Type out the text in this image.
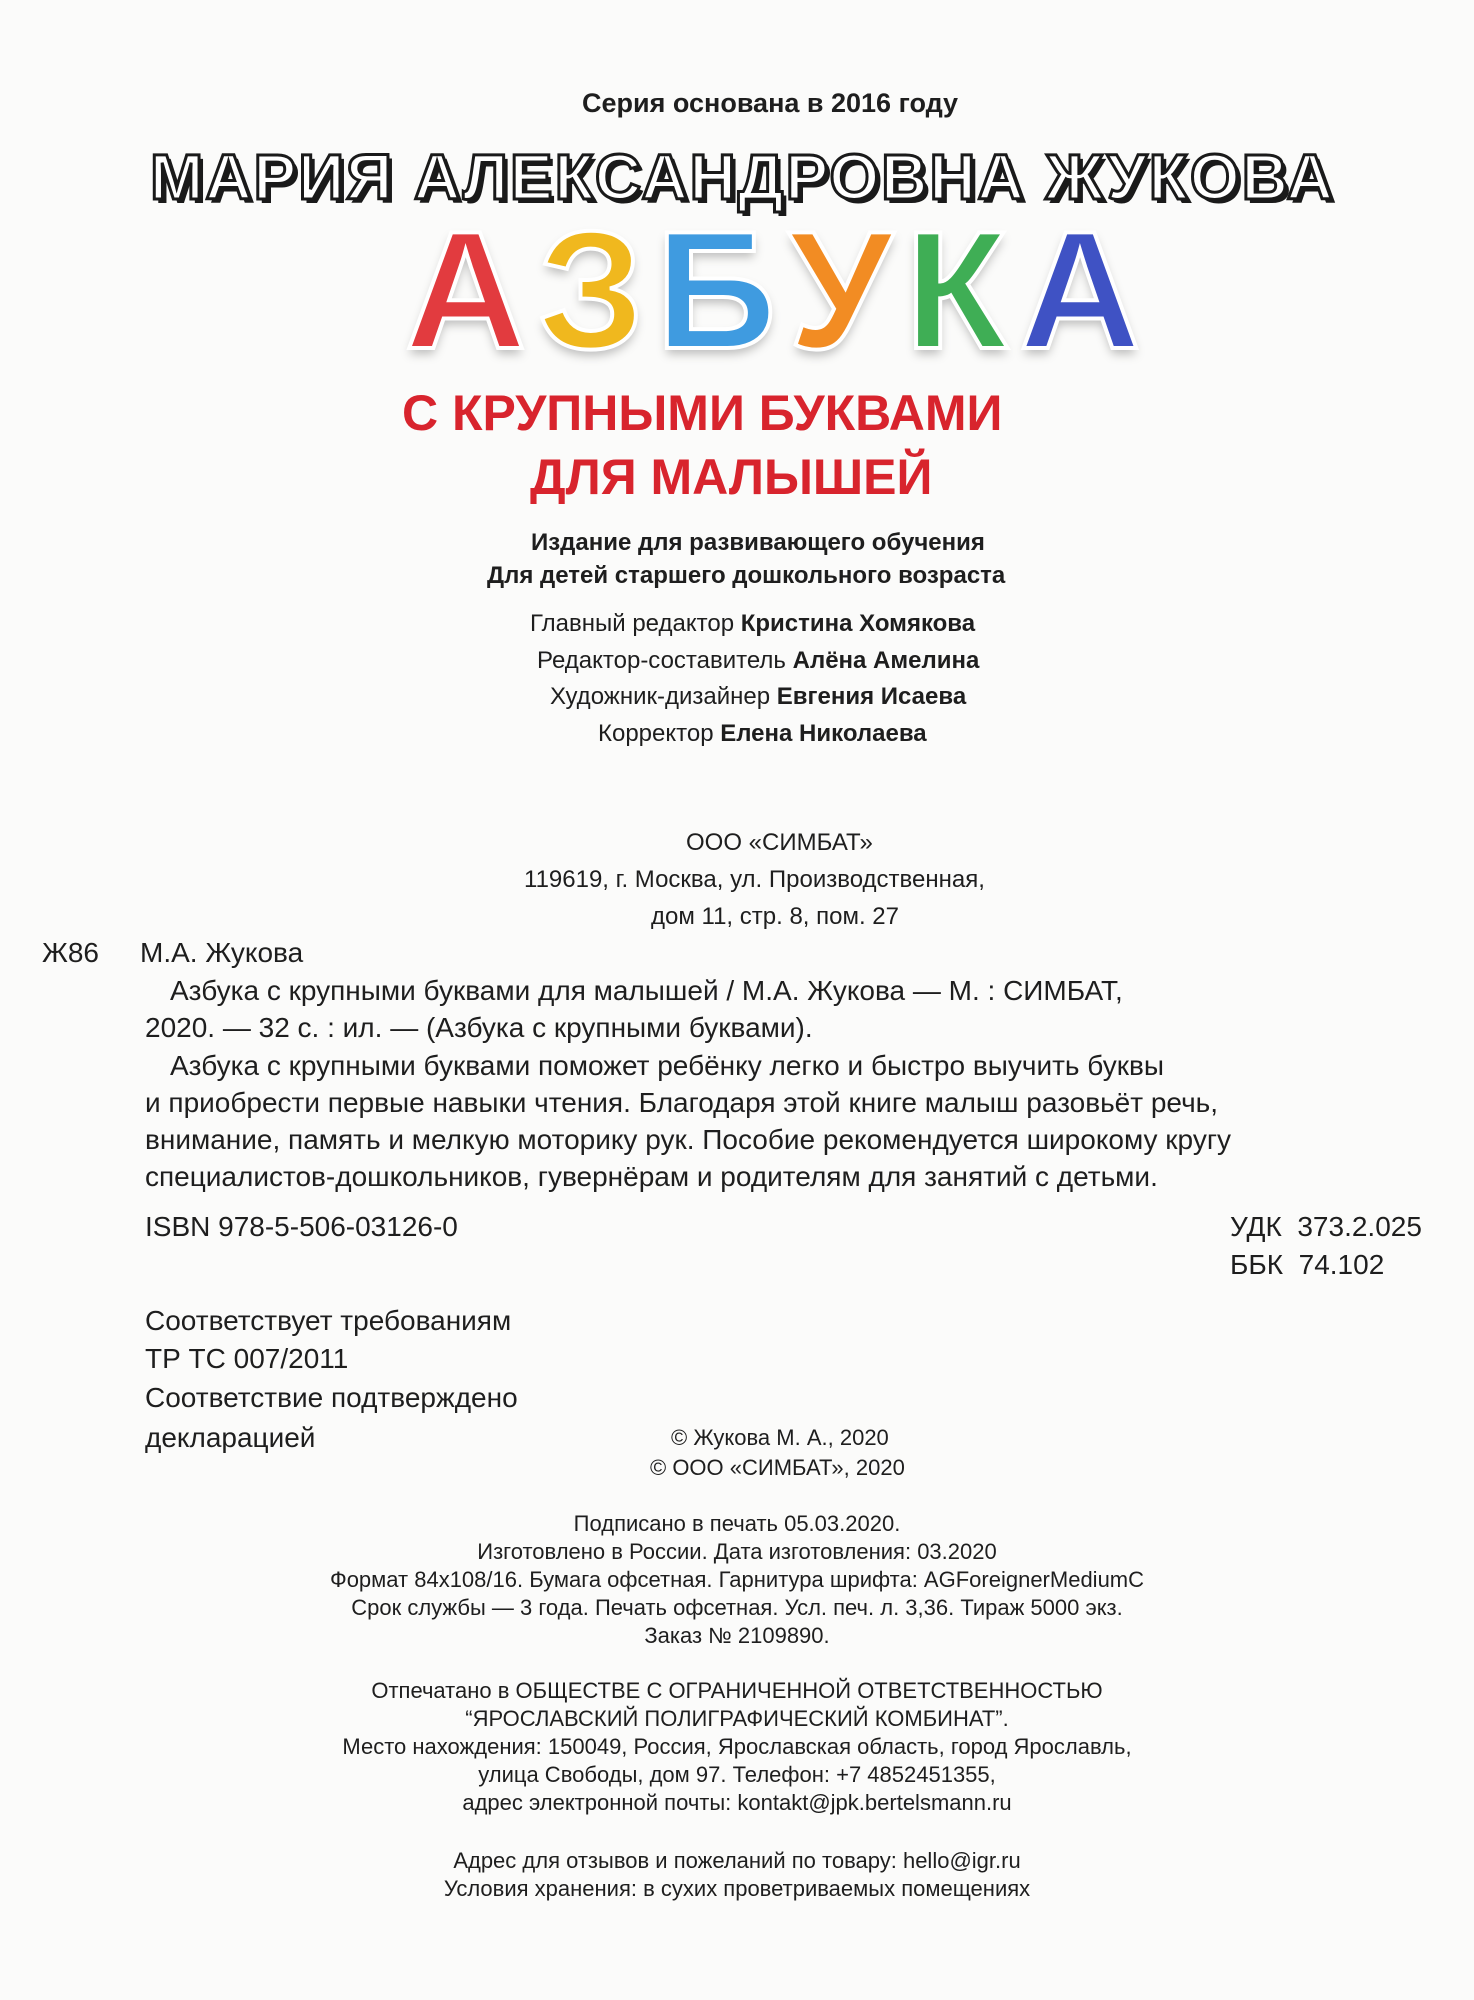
Серия основана в 2016 году
МАРИЯ АЛЕКСАНДРОВНА ЖУКОВА
А З Б У К А
С КРУПНЫМИ БУКВАМИ
ДЛЯ МАЛЫШЕЙ
Издание для развивающего обучения
Для детей старшего дошкольного возраста
Главный редактор Кристина Хомякова
Редактор-составитель Алёна Амелина
Художник-дизайнер Евгения Исаева
Корректор Елена Николаева
ООО «СИМБАТ»
119619, г. Москва, ул. Производственная,
дом 11, стр. 8, пом. 27
Ж86 М.А. Жукова
Азбука с крупными буквами для малышей / М.А. Жукова — М. : СИМБАТ,
2020. — 32 с. : ил. — (Азбука с крупными буквами).
Азбука с крупными буквами поможет ребёнку легко и быстро выучить буквы
и приобрести первые навыки чтения. Благодаря этой книге малыш разовьёт речь,
внимание, память и мелкую моторику рук. Пособие рекомендуется широкому кругу
специалистов-дошкольников, гувернёрам и родителям для занятий с детьми.
ISBN 978-5-506-03126-0	УДК  373.2.025
ББК  74.102
Соответствует требованиям
ТР ТС 007/2011
Соответствие подтверждено
декларацией	© Жукова М. А., 2020
© ООО «СИМБАТ», 2020
Подписано в печать 05.03.2020.
Изготовлено в России. Дата изготовления: 03.2020
Формат 84х108/16. Бумага офсетная. Гарнитура шрифта: AGForeignerMediumC
Срок службы — 3 года. Печать офсетная. Усл. печ. л. 3,36. Тираж 5000 экз.
Заказ № 2109890.
Отпечатано в ОБЩЕСТВЕ С ОГРАНИЧЕННОЙ ОТВЕТСТВЕННОСТЬЮ
“ЯРОСЛАВСКИЙ ПОЛИГРАФИЧЕСКИЙ КОМБИНАТ”.
Место нахождения: 150049, Россия, Ярославская область, город Ярославль,
улица Свободы, дом 97. Телефон: +7 4852451355,
адрес электронной почты: kontakt@jpk.bertelsmann.ru
Адрес для отзывов и пожеланий по товару: hello@igr.ru
Условия хранения: в сухих проветриваемых помещениях
